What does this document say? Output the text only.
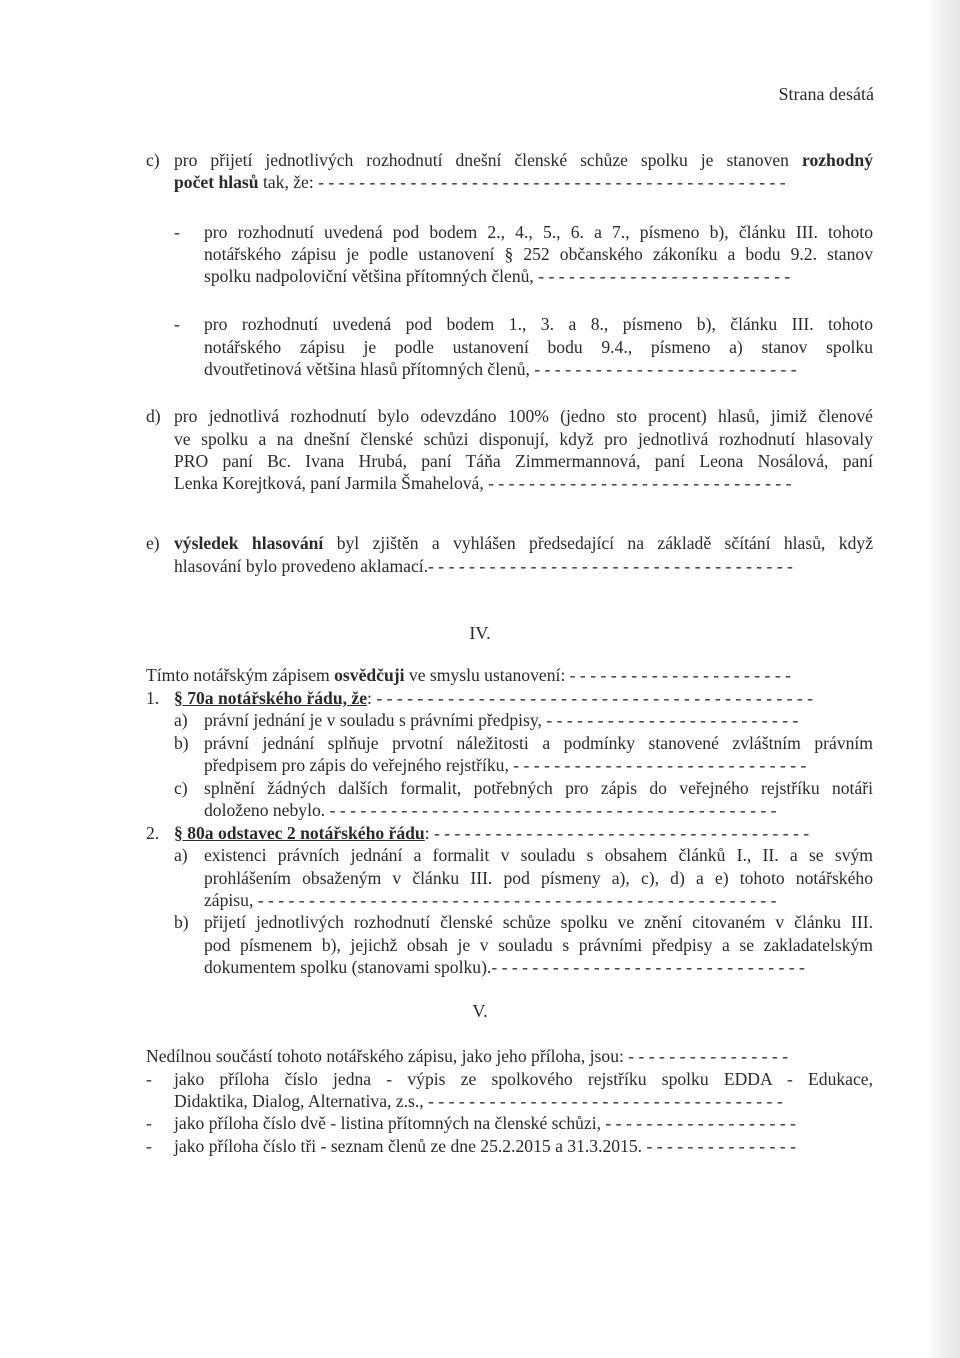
Strana desátá
c) pro přijetí jednotlivých rozhodnutí dnešní členské schůze spolku je stanoven rozhodný
počet hlasů tak, že: - - - - - - - - - - - - - - - - - - - - - - - - - - - - - - - - - - - - - - - - - - - - - -
- pro rozhodnutí uvedená pod bodem 2., 4., 5., 6. a 7., písmeno b), článku III. tohoto
notářského zápisu je podle ustanovení § 252 občanského zákoníku a bodu 9.2. stanov
spolku nadpoloviční většina přítomných členů, - - - - - - - - - - - - - - - - - - - - - - - - -
- pro rozhodnutí uvedená pod bodem 1., 3. a 8., písmeno b), článku III. tohoto
notářského zápisu je podle ustanovení bodu 9.4., písmeno a) stanov spolku
dvoutřetinová většina hlasů přítomných členů, - - - - - - - - - - - - - - - - - - - - - - - - - -
d) pro jednotlivá rozhodnutí bylo odevzdáno 100% (jedno sto procent) hlasů, jimiž členové
ve spolku a na dnešní členské schůzi disponují, když pro jednotlivá rozhodnutí hlasovaly
PRO paní Bc. Ivana Hrubá, paní Táňa Zimmermannová, paní Leona Nosálová, paní
Lenka Korejtková, paní Jarmila Šmahelová, - - - - - - - - - - - - - - - - - - - - - - - - - - - - - -
e) výsledek hlasování byl zjištěn a vyhlášen předsedající na základě sčítání hlasů, když
hlasování bylo provedeno aklamací.- - - - - - - - - - - - - - - - - - - - - - - - - - - - - - - - - - - -
IV.
Tímto notářským zápisem osvědčuji ve smyslu ustanovení: - - - - - - - - - - - - - - - - - - - - - -
1. § 70a notářského řádu, že: - - - - - - - - - - - - - - - - - - - - - - - - - - - - - - - - - - - - - - - - - - -
a) právní jednání je v souladu s právními předpisy, - - - - - - - - - - - - - - - - - - - - - - - - -
b) právní jednání splňuje prvotní náležitosti a podmínky stanovené zvláštním právním
předpisem pro zápis do veřejného rejstříku, - - - - - - - - - - - - - - - - - - - - - - - - - - - - -
c) splnění žádných dalších formalit, potřebných pro zápis do veřejného rejstříku notáři
doloženo nebylo. - - - - - - - - - - - - - - - - - - - - - - - - - - - - - - - - - - - - - - - - - - - -
2. § 80a odstavec 2 notářského řádu: - - - - - - - - - - - - - - - - - - - - - - - - - - - - - - - - - - - - -
a) existenci právních jednání a formalit v souladu s obsahem článků I., II. a se svým
prohlášením obsaženým v článku III. pod písmeny a), c), d) a e) tohoto notářského
zápisu, - - - - - - - - - - - - - - - - - - - - - - - - - - - - - - - - - - - - - - - - - - - - - - - - - - -
b) přijetí jednotlivých rozhodnutí členské schůze spolku ve znění citovaném v článku III.
pod písmenem b), jejichž obsah je v souladu s právními předpisy a se zakladatelským
dokumentem spolku (stanovami spolku).- - - - - - - - - - - - - - - - - - - - - - - - - - - - - - -
V.
Nedílnou součástí tohoto notářského zápisu, jako jeho příloha, jsou: - - - - - - - - - - - - - - - -
- jako příloha číslo jedna - výpis ze spolkového rejstříku spolku EDDA - Edukace,
Didaktika, Dialog, Alternativa, z.s., - - - - - - - - - - - - - - - - - - - - - - - - - - - - - - - - - - -
- jako příloha číslo dvě - listina přítomných na členské schůzi, - - - - - - - - - - - - - - - - - - -
- jako příloha číslo tři - seznam členů ze dne 25.2.2015 a 31.3.2015. - - - - - - - - - - - - - - -
